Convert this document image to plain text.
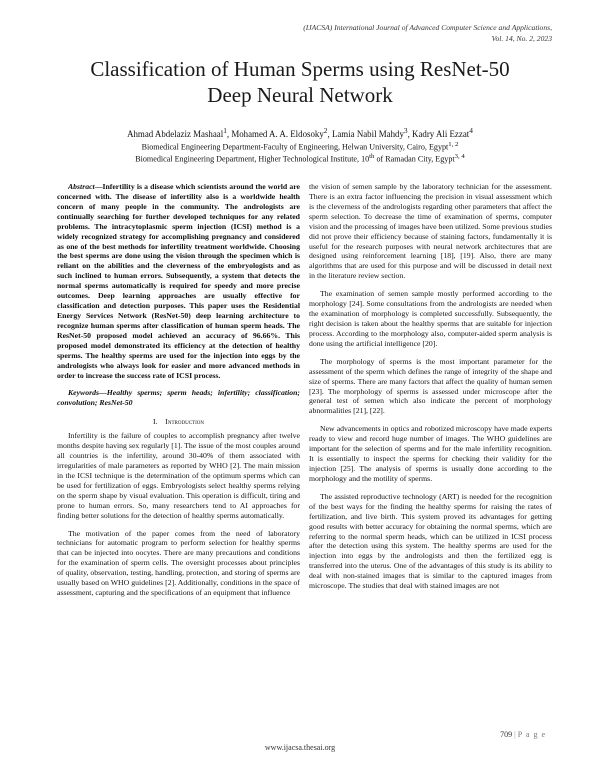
(IJACSA) International Journal of Advanced Computer Science and Applications,
Vol. 14, No. 2, 2023
Classification of Human Sperms using ResNet-50
Deep Neural Network
Ahmad Abdelaziz Mashaal$^1$, Mohamed A. A. Eldosoky$^2$, Lamia Nabil Mahdy$^3$, Kadry Ali Ezzat$^4$
Biomedical Engineering Department-Faculty of Engineering, Helwan University, Cairo, Egypt$^{1, 2}$
Biomedical Engineering Department, Higher Technological Institute, 10th of Ramadan City, Egypt$^{3, 4}$

Abstract—Infertility is a disease which scientists around the world are concerned with. The disease of infertility also is a worldwide health concern of many people in the community. The andrologists are continually searching for further developed techniques for any related problems. The intracytoplasmic sperm injection (ICSI) method is a widely recognized strategy for accomplishing pregnancy and considered as one of the best methods for infertility treatment worldwide. Choosing the best sperms are done using the vision through the specimen which is reliant on the abilities and the cleverness of the embryologists and as such inclined to human errors. Subsequently, a system that detects the normal sperms automatically is required for speedy and more precise outcomes. Deep learning approaches are usually effective for classification and detection purposes. This paper uses the Residential Energy Services Network (ResNet-50) deep learning architecture to recognize human sperms after classification of human sperm heads. The ResNet-50 proposed model achieved an accuracy of 96.66%. This proposed model demonstrated its efficiency at the detection of healthy sperms. The healthy sperms are used for the injection into eggs by the andrologists who always look for easier and more advanced methods in order to increase the success rate of ICSI process.

Keywords—Healthy sperms; sperm heads; infertility; classification; convolution; ResNet-50

I. Introduction

Infertility is the failure of couples to accomplish pregnancy after twelve months despite having sex regularly [1]. The issue of the most couples around all countries is the infertility, around 30-40% of them associated with irregularities of male parameters as reported by WHO [2]. The main mission in the ICSI technique is the determination of the optimum sperms which can be used for fertilization of eggs. Embryologists select healthy sperms relying on the sperm shape by visual evaluation. This operation is difficult, tiring and prone to human errors. So, many researchers tend to AI approaches for finding better solutions for the detection of healthy sperms automatically.

The motivation of the paper comes from the need of laboratory technicians for automatic program to perform selection for healthy sperms that can be injected into oocytes. There are many precautions and conditions for the examination of sperm cells. The oversight processes about principles of quality, observation, testing, handling, protection, and storing of sperms are usually based on WHO guidelines [2]. Additionally, conditions in the space of assessment, capturing and the specifications of an equipment that influence

the vision of semen sample by the laboratory technician for the assessment. There is an extra factor influencing the precision in visual assessment which is the cleverness of the andrologists regarding other parameters that affect the sperm selection. To decrease the time of examination of sperms, computer vision and the processing of images have been utilized. Some previous studies did not prove their efficiency because of staining factors, fundamentally it is useful for the research purposes with neural network architectures that are designed using reinforcement learning [18], [19]. Also, there are many algorithms that are used for this purpose and will be discussed in detail next in the literature review section.

The examination of semen sample mostly performed according to the morphology [24]. Some consultations from the andrologists are needed when the examination of morphology is completed successfully. Subsequently, the right decision is taken about the healthy sperms that are suitable for injection process. According to the morphology also, computer-aided sperm analysis is done using the artificial intelligence [20].

The morphology of sperms is the most important parameter for the assessment of the sperm which defines the range of integrity of the shape and size of sperms. There are many factors that affect the quality of human semen [23]. The morphology of sperms is assessed under microscope after the general test of semen which also indicate the percent of morphology abnormalities [21], [22].

New advancements in optics and robotized microscopy have made experts ready to view and record huge number of images. The WHO guidelines are important for the selection of sperms and for the male infertility recognition. It is essentially to inspect the sperms for checking their validity for the injection [25]. The analysis of sperms is usually done according to the morphology and the motility of sperms.

The assisted reproductive technology (ART) is needed for the recognition of the best ways for the finding the healthy sperms for raising the rates of fertilization, and live birth. This system proved its advantages for getting good results with better accuracy for obtaining the normal sperms, which are referring to the normal sperm heads, which can be utilized in ICSI process after the detection using this system. The healthy sperms are used for the injection into eggs by the andrologists and then the fertilized egg is transferred into the uterus. One of the advantages of this study is its ability to deal with non-stained images that is similar to the captured images from microscope. The studies that deal with stained images are not

709 | P a g e
www.ijacsa.thesai.org
